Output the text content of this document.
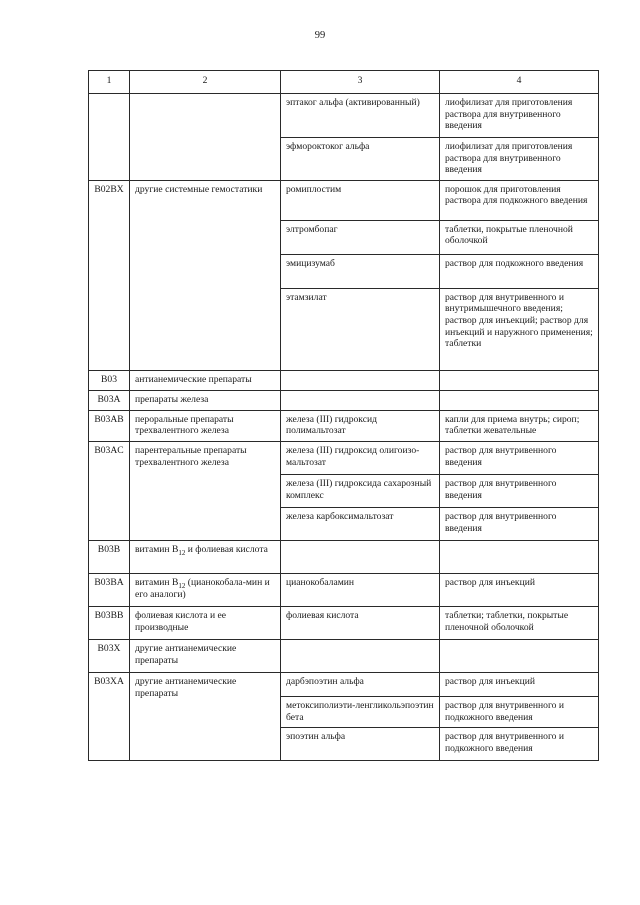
99
1	2	3	4
		эптаког альфа (активированный)	лиофилизат для приготовления раствора для внутривенного введения
		эфмороктоког альфа	лиофилизат для приготовления раствора для внутривенного введения
B02BX	другие системные гемостатики	ромиплостим	порошок для приготовления раствора для подкожного введения
		элтромбопаг	таблетки, покрытые пленочной оболочкой
		эмицизумаб	раствор для подкожного введения
		этамзилат	раствор для внутривенного и внутримышечного введения; раствор для инъекций; раствор для инъекций и наружного применения; таблетки
B03	антианемические препараты		
B03A	препараты железа		
B03AB	пероральные препараты трехвалентного железа	железа (III) гидроксид полимальтозат	капли для приема внутрь; сироп; таблетки жевательные
B03AC	парентеральные препараты трехвалентного железа	железа (III) гидроксид олигоизо-мальтозат	раствор для внутривенного введения
		железа (III) гидроксида сахарозный комплекс	раствор для внутривенного введения
		железа карбоксимальтозат	раствор для внутривенного введения
B03B	витамин $B_{12}$ и фолиевая кислота		
B03BA	витамин $B_{12}$ (цианокобала-мин и его аналоги)	цианокобаламин	раствор для инъекций
B03BB	фолиевая кислота и ее производные	фолиевая кислота	таблетки; таблетки, покрытые пленочной оболочкой
B03X	другие антианемические препараты		
B03XA	другие антианемические препараты	дарбэпоэтин альфа	раствор для инъекций
		метоксиполиэти-ленгликольэпоэтин бета	раствор для внутривенного и подкожного введения
		эпоэтин альфа	раствор для внутривенного и подкожного введения
